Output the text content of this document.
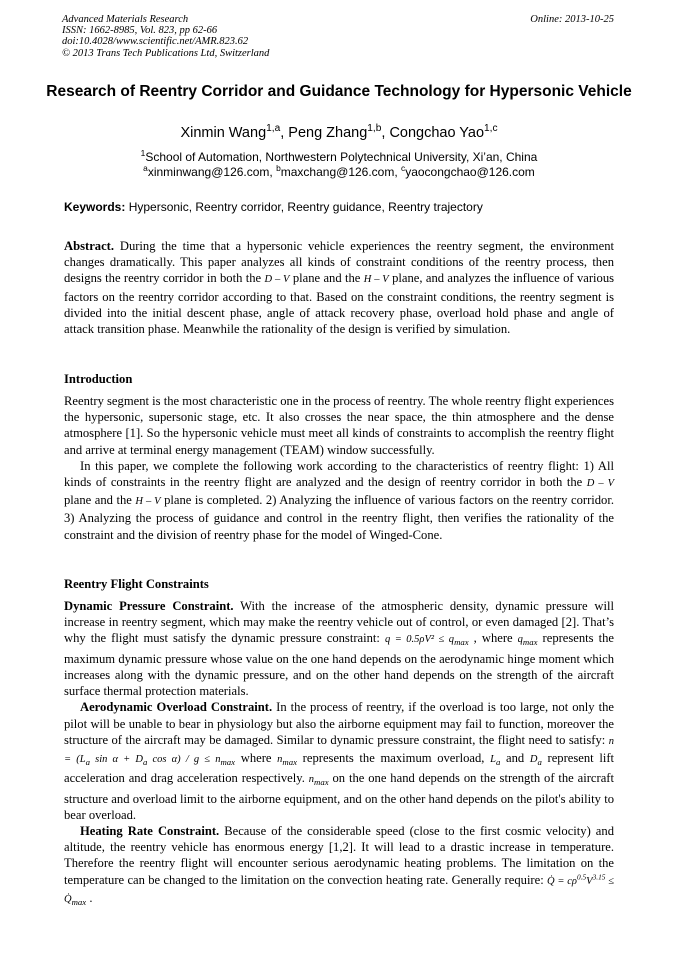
Advanced Materials Research
ISSN: 1662-8985, Vol. 823, pp 62-66
doi:10.4028/www.scientific.net/AMR.823.62
© 2013 Trans Tech Publications Ltd, Switzerland
Online: 2013-10-25
Research of Reentry Corridor and Guidance Technology for Hypersonic Vehicle
Xinmin Wang$^{1,a}$, Peng Zhang$^{1,b}$, Congchao Yao$^{1,c}$
$^1$School of Automation, Northwestern Polytechnical University, Xi’an, China
$^a$xinminwang@126.com, $^b$maxchang@126.com, $^c$yaocongchao@126.com
Keywords: Hypersonic, Reentry corridor, Reentry guidance, Reentry trajectory

Abstract. During the time that a hypersonic vehicle experiences the reentry segment, the environment changes dramatically. This paper analyzes all kinds of constraint conditions of the reentry process, then designs the reentry corridor in both the D – V plane and the H – V plane, and analyzes the influence of various factors on the reentry corridor according to that. Based on the constraint conditions, the reentry segment is divided into the initial descent phase, angle of attack recovery phase, overload hold phase and angle of attack transition phase. Meanwhile the rationality of the design is verified by simulation.

Introduction

Reentry segment is the most characteristic one in the process of reentry. The whole reentry flight experiences the hypersonic, supersonic stage, etc. It also crosses the near space, the thin atmosphere and the dense atmosphere [1]. So the hypersonic vehicle must meet all kinds of constraints to accomplish the reentry flight and arrive at terminal energy management (TEAM) window successfully.

In this paper, we complete the following work according to the characteristics of reentry flight: 1) All kinds of constraints in the reentry flight are analyzed and the design of reentry corridor in both the D – V plane and the H – V plane is completed. 2) Analyzing the influence of various factors on the reentry corridor. 3) Analyzing the process of guidance and control in the reentry flight, then verifies the rationality of the constraint and the division of reentry phase for the model of Winged-Cone.

Reentry Flight Constraints

Dynamic Pressure Constraint. With the increase of the atmospheric density, dynamic pressure will increase in reentry segment, which may make the reentry vehicle out of control, or even damaged [2]. That’s why the flight must satisfy the dynamic pressure constraint: $q = 0.5\rho V^2 \le q_{max}$ , where $q_{max}$ represents the maximum dynamic pressure whose value on the one hand depends on the aerodynamic hinge moment which increases along with the dynamic pressure, and on the other hand depends on the strength of the aircraft surface thermal protection materials.

Aerodynamic Overload Constraint. In the process of reentry, if the overload is too large, not only the pilot will be unable to bear in physiology but also the airborne equipment may fail to function, moreover the structure of the aircraft may be damaged. Similar to dynamic pressure constraint, the flight need to satisfy: $n = (L_a$ $\sin \alpha + D_a$ $\cos \alpha) / g \le n_{max}$ where $n_{max}$ represents the maximum overload, $L_a$ and $D_a$ represent lift acceleration and drag acceleration respectively. $n_{max}$ on the one hand depends on the strength of the aircraft structure and overload limit to the airborne equipment, and on the other hand depends on the pilot's ability to bear overload.

Heating Rate Constraint. Because of the considerable speed (close to the first cosmic velocity) and altitude, the reentry vehicle has enormous energy [1,2]. It will lead to a drastic increase in temperature. Therefore the reentry flight will encounter serious aerodynamic heating problems. The limitation on the temperature can be changed to the limitation on the convection heating rate. Generally require: Q̇ = $c\rho^{0.5}V^{3.15}$ ≤ $Q̇_{max}$ .
